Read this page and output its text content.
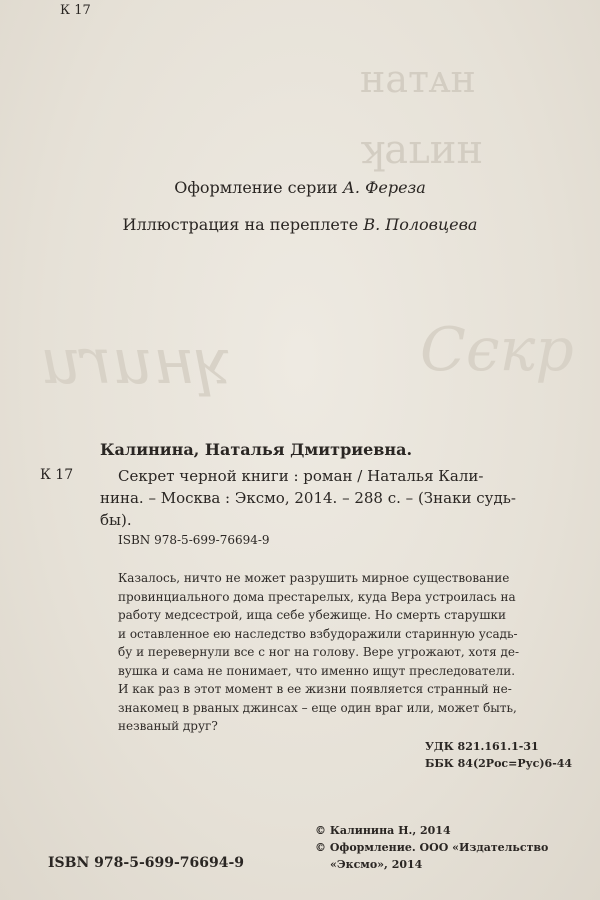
ʜатᴀʜ
ʞаʟиʜ
ʞниrи	Сєкр
К 17
Оформление серии А. Фереза
Иллюстрация на переплете В. Половцева
Калинина, Наталья Дмитриевна.
К 17	Секрет черной книги : роман / Наталья Кали-
нина. – Москва : Эксмо, 2014. – 288 с. – (Знаки судь-
бы).
ISBN 978-5-699-76694-9
Казалось, ничто не может разрушить мирное существование
провинциального дома престарелых, куда Вера устроилась на
работу медсестрой, ища себе убежище. Но смерть старушки
и оставленное ею наследство взбудоражили старинную усадь-
бу и перевернули все с ног на голову. Вере угрожают, хотя де-
вушка и сама не понимает, что именно ищут преследователи.
И как раз в этот момент в ее жизни появляется странный не-
знакомец в рваных джинсах – еще один враг или, может быть,
незваный друг?
УДК 821.161.1-31
ББК 84(2Рос=Рус)6-44
© Калинина Н., 2014
© Оформление. ООО «Издательство
«Эксмо», 2014
ISBN 978-5-699-76694-9
